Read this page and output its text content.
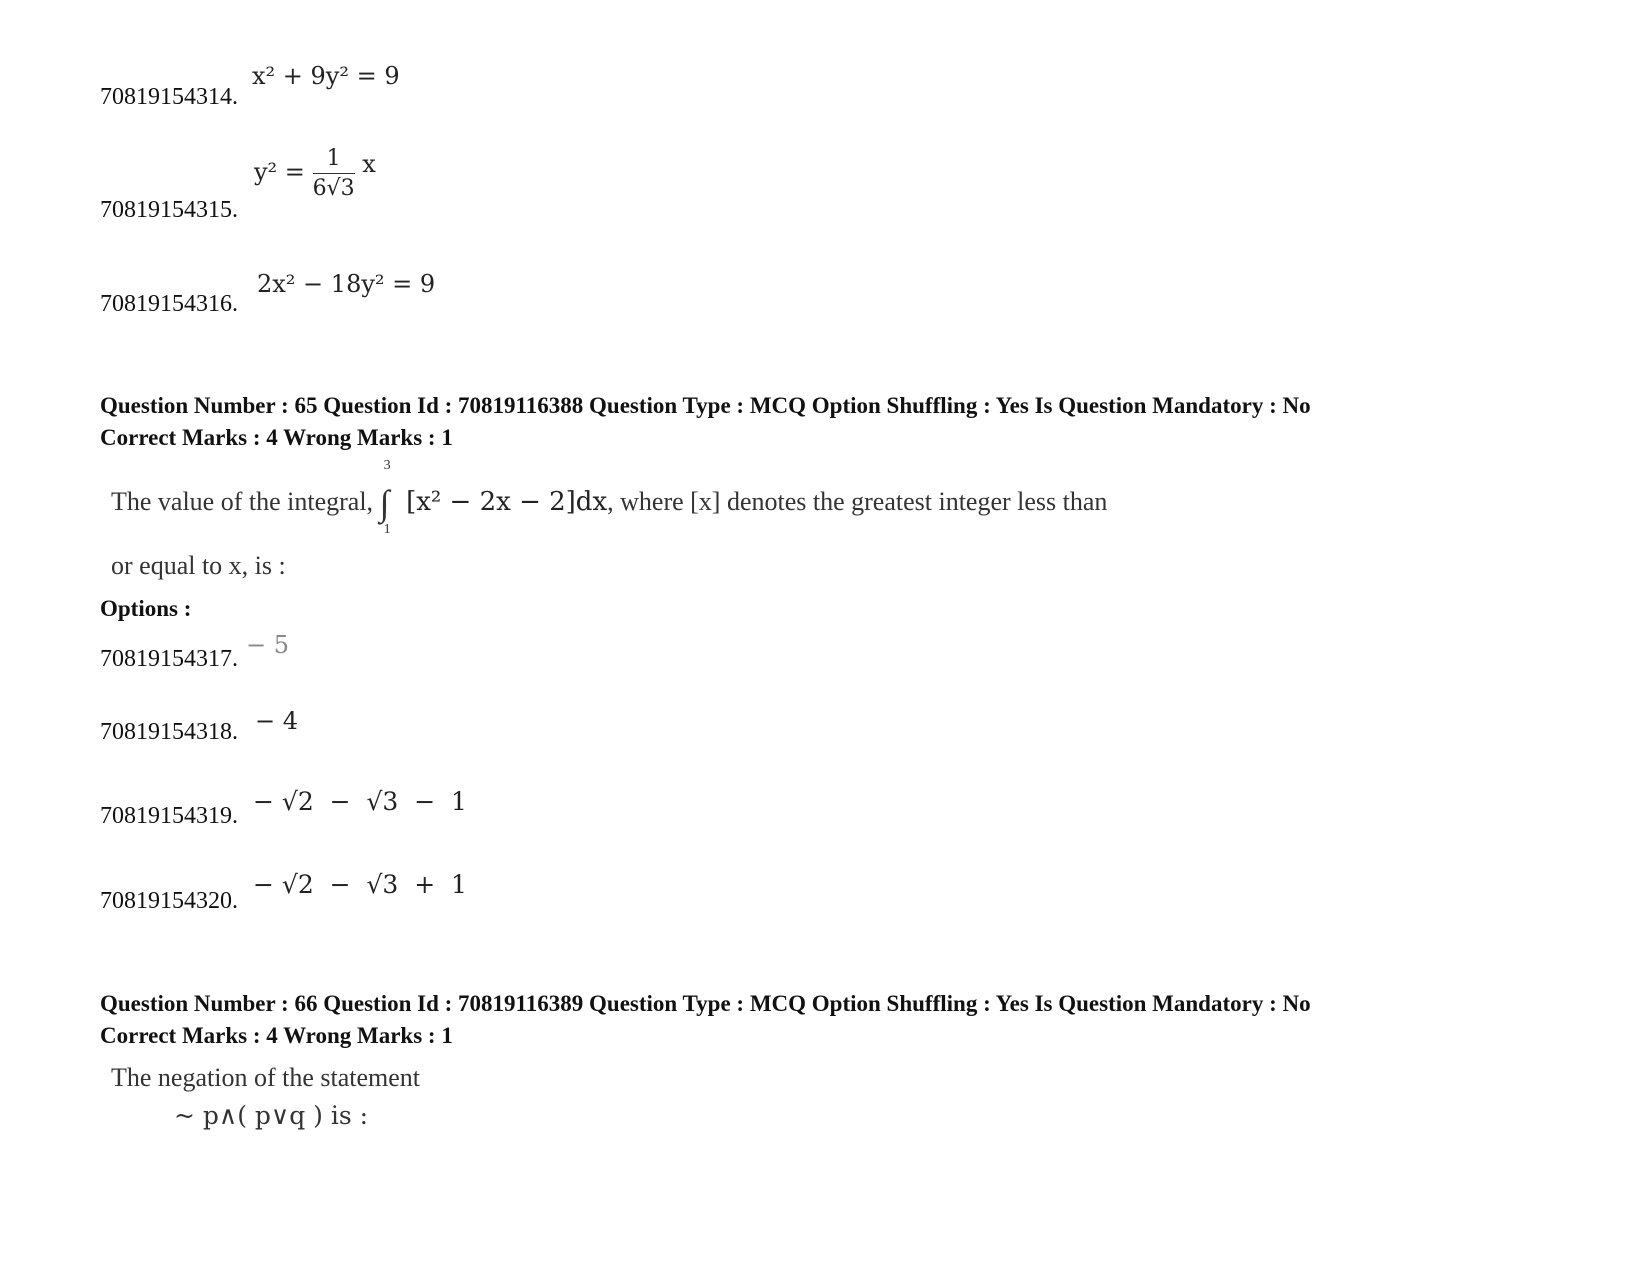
70819154314.
x² + 9y² = 9
70819154315.
$y^2 = \frac{1}{6√3}$ x
70819154316.
2x² − 18y² = 9
Question Number : 65 Question Id : 70819116388 Question Type : MCQ Option Shuffling : Yes Is Question Mandatory : No
Correct Marks : 4 Wrong Marks : 1
The value of the integral, ∫
3
1
[x² − 2x − 2]dx, where [x] denotes the greatest integer less than
or equal to x, is :
Options :
70819154317. − 5
70819154318. − 4
70819154319. − √2  −  √3  −  1
70819154320.
− √2  −  √3  +  1
Question Number : 66 Question Id : 70819116389 Question Type : MCQ Option Shuffling : Yes Is Question Mandatory : No
Correct Marks : 4 Wrong Marks : 1
The negation of the statement
~ p∧( p∨q ) is :
